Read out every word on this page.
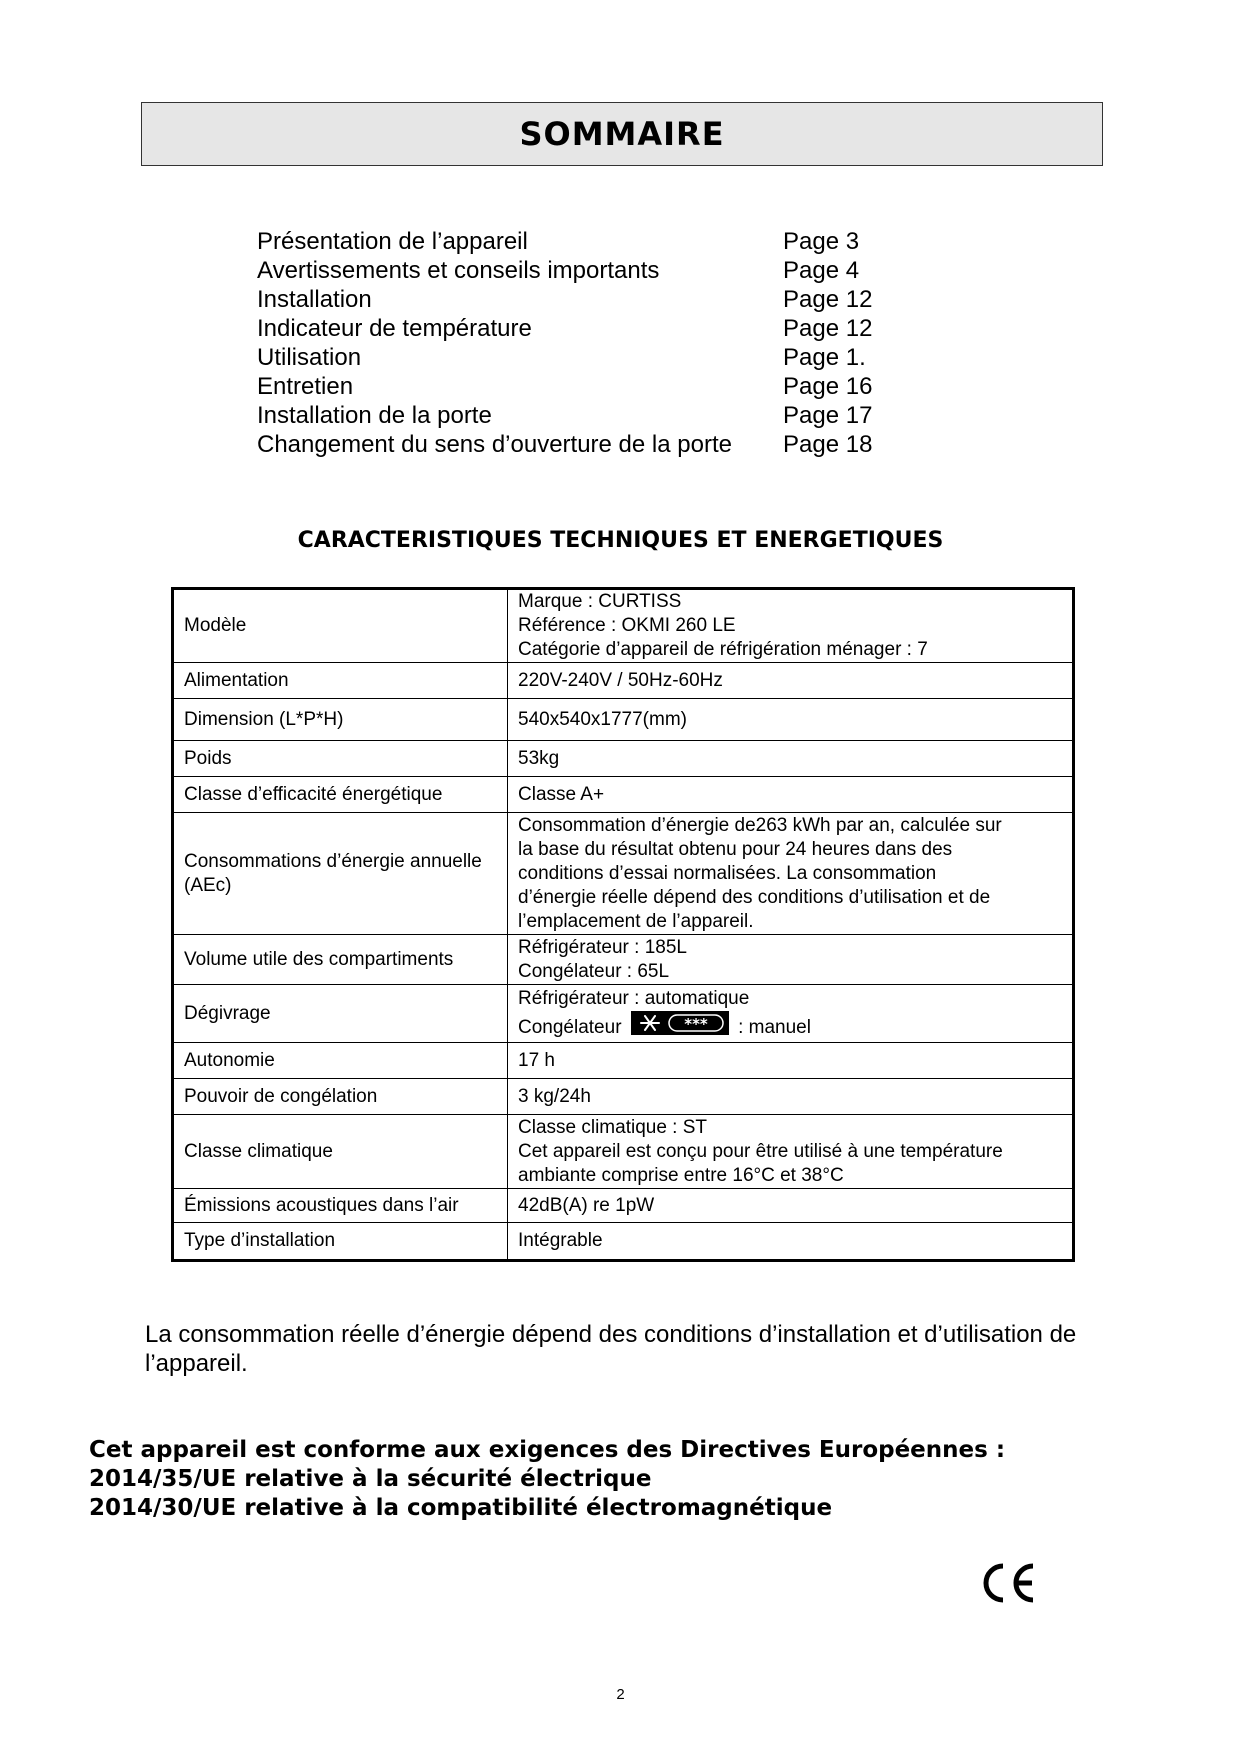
SOMMAIRE
Présentation de l’appareil	Page 3
Avertissements et conseils importants	Page 4
Installation	Page 12
Indicateur de température	Page 12
Utilisation	Page 1.
Entretien	Page 16
Installation de la porte	Page 17
Changement du sens d’ouverture de la porte	Page 18
CARACTERISTIQUES TECHNIQUES ET ENERGETIQUES
Modèle	Marque : CURTISS
Référence : OKMI 260 LE
Catégorie d’appareil de réfrigération ménager : 7

Alimentation	220V-240V / 50Hz-60Hz
Dimension (L*P*H)	540x540x1777(mm)
Poids	53kg
Classe d’efficacité énergétique	Classe A+
Consommations d’énergie annuelle (AEc)	Consommation d’énergie de263 kWh par an, calculée sur
la base du résultat obtenu pour 24 heures dans des
conditions d’essai normalisées. La consommation
d’énergie réelle dépend des conditions d’utilisation et de
l’emplacement de l’appareil.

Volume utile des compartiments	Réfrigérateur : 185L
Congélateur : 65L

Dégivrage	Réfrigérateur : automatique
Congélateur *** : manuel

Autonomie	17 h
Pouvoir de congélation	3 kg/24h
Classe climatique	Classe climatique : ST
Cet appareil est conçu pour être utilisé à une température
ambiante comprise entre 16°C et 38°C

Émissions acoustiques dans l’air	42dB(A) re 1pW
Type d’installation	Intégrable

La consommation réelle d’énergie dépend des conditions d’installation et d’utilisation de l’appareil.

Cet appareil est conforme aux exigences des Directives Européennes :
2014/35/UE relative à la sécurité électrique
2014/30/UE relative à la compatibilité électromagnétique
2
